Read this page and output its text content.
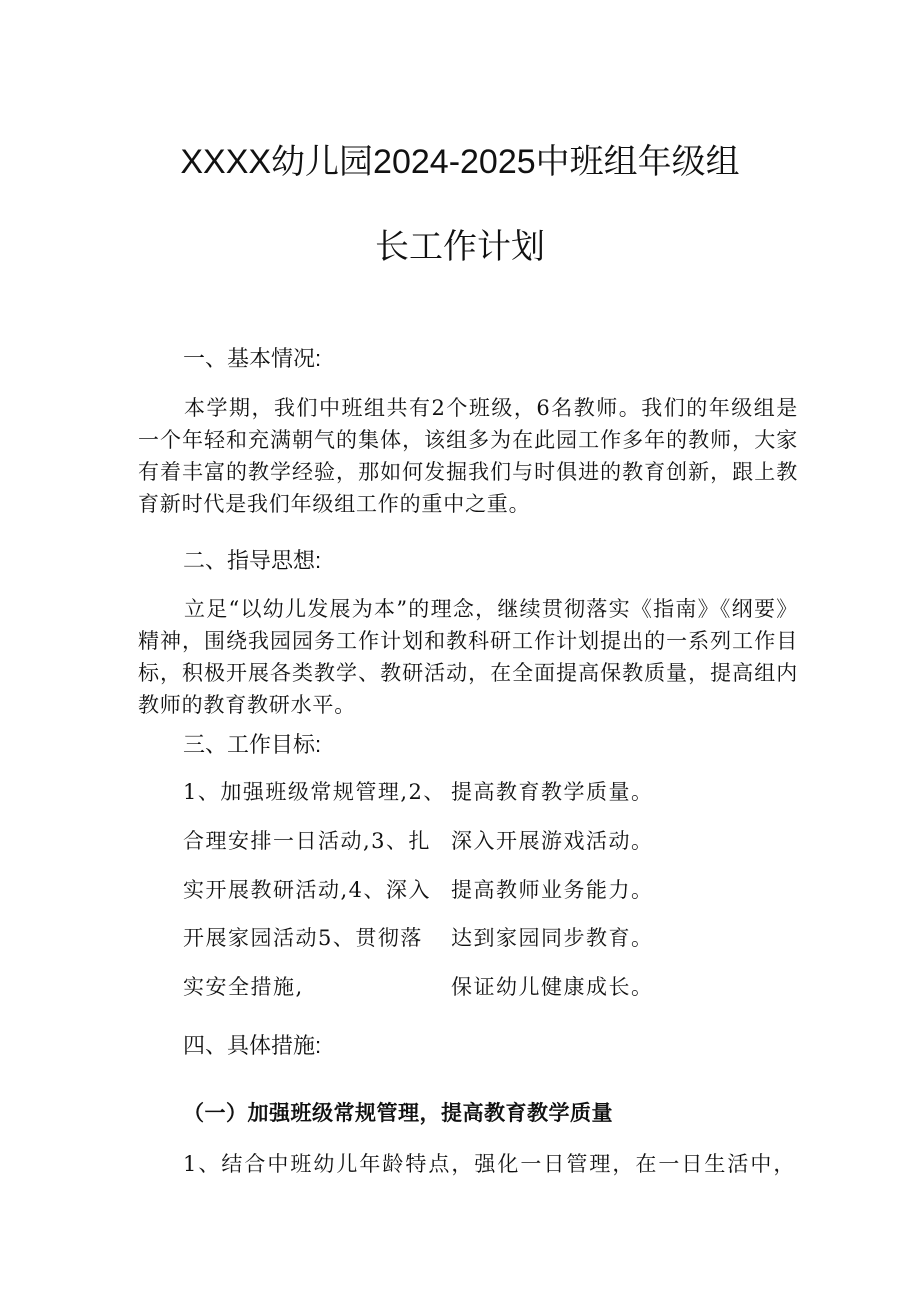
XXXX幼儿园2024-2025中班组年级组
长工作计划
一、基本情况:

本学期，我们中班组共有2个班级，6名教师。我们的年级组是一个年轻和充满朝气的集体，该组多为在此园工作多年的教师，大家有着丰富的教学经验，那如何发掘我们与时俱进的教育创新，跟上教育新时代是我们年级组工作的重中之重。

二、指导思想:

立足“以幼儿发展为本”的理念，继续贯彻落实《指南》《纲要》精神，围绕我园园务工作计划和教科研工作计划提出的一系列工作目标，积极开展各类教学、教研活动，在全面提高保教质量，提高组内教师的教育教研水平。

三、工作目标:

1、加强班级常规管理,2、 提高教育教学质量。

合理安排一日活动,3、扎 深入开展游戏活动。

实开展教研活动,4、深入 提高教师业务能力。

开展家园活动5、贯彻落 达到家园同步教育。

实安全措施,	保证幼儿健康成长。

四、具体措施:

（一）加强班级常规管理，提高教育教学质量

1、结合中班幼儿年龄特点，强化一日管理，在一日生活中，
